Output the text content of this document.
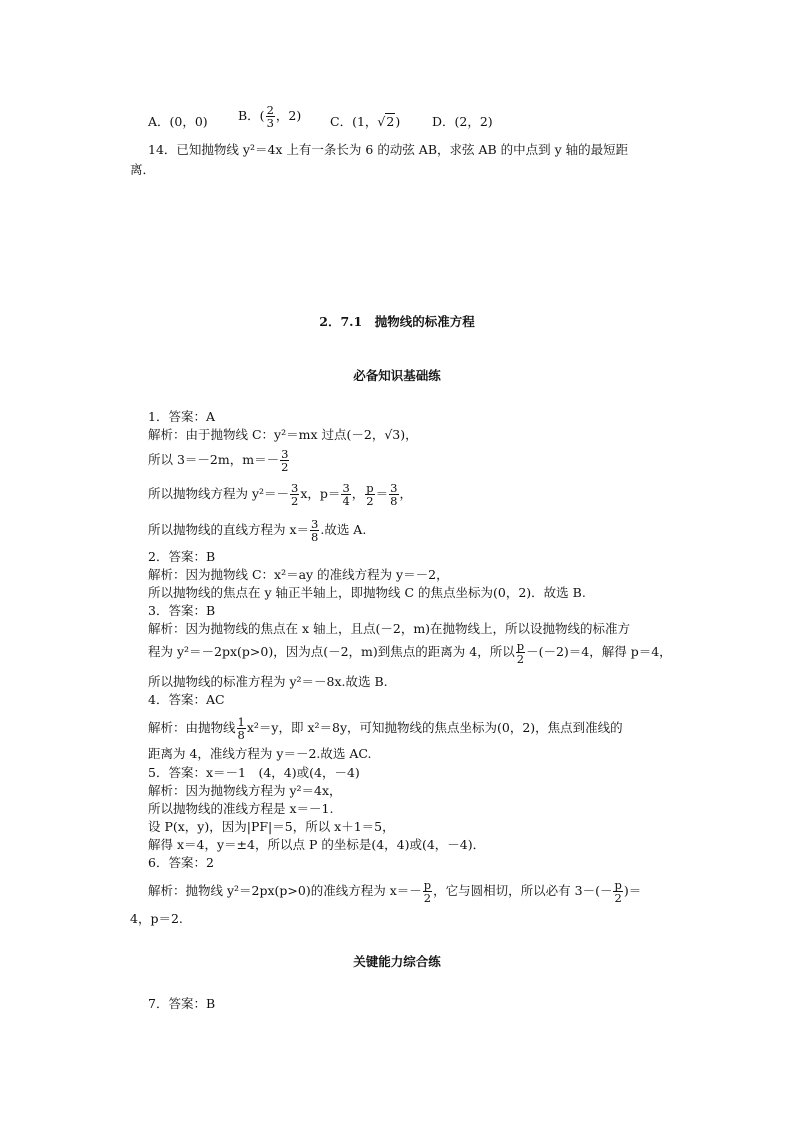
A．(0，0) B．( $\frac{2}{3}$ ，2) C．(1，√2)	D．(2，2)
14．已知抛物线 y²＝4x 上有一条长为 6 的动弦 AB，求弦 AB 的中点到 y 轴的最短距
离．
2．7.1　抛物线的标准方程
必备知识基础练
1．答案：A
解析：由于抛物线 C：y²＝mx 过点(－2，√3)，
所以 3＝－2m，$m=- \frac{3}{2}$
所以抛物线方程为 $y^2=- \frac{3}{2}$ x，$p= \frac{3}{4}$ ， $\frac{p}{2} = \frac{3}{8}$ ，
所以抛物线的直线方程为 $x= \frac{3}{8}$ .故选 A.
2．答案：B
解析：因为抛物线 C：x²＝ay 的准线方程为 y＝－2，
所以抛物线的焦点在 y 轴正半轴上，即抛物线 C 的焦点坐标为(0，2)．故选 B.
3．答案：B
解析：因为抛物线的焦点在 x 轴上，且点(－2，m)在抛物线上，所以设抛物线的标准方
程为 y²＝－2px(p>0)，因为点(－2，m)到焦点的距离为 4，所以 $\frac{p}{2} -(-2)=4$，解得 p＝4，
所以抛物线的标准方程为 y²＝－8x.故选 B.
4．答案：AC
解析：由抛物线 $\frac{1}{8} x^2=y$，即 x²＝8y，可知抛物线的焦点坐标为(0，2)，焦点到准线的
距离为 4，准线方程为 y＝－2.故选 AC.
5．答案：x＝－1　(4，4)或(4，－4)
解析：因为抛物线方程为 y²＝4x，
所以抛物线的准线方程是 x＝－1.
设 P(x，y)，因为|PF|＝5，所以 x＋1＝5，
解得 x＝4，y＝±4，所以点 P 的坐标是(4，4)或(4，－4)．
6．答案：2
解析：抛物线 y²＝2px(p>0)的准线方程为 $x=- \frac{p}{2}$ ，它与圆相切，所以必有 $3-(- \frac{p}{2}$ )＝
4，p＝2.
关键能力综合练
7．答案：B
